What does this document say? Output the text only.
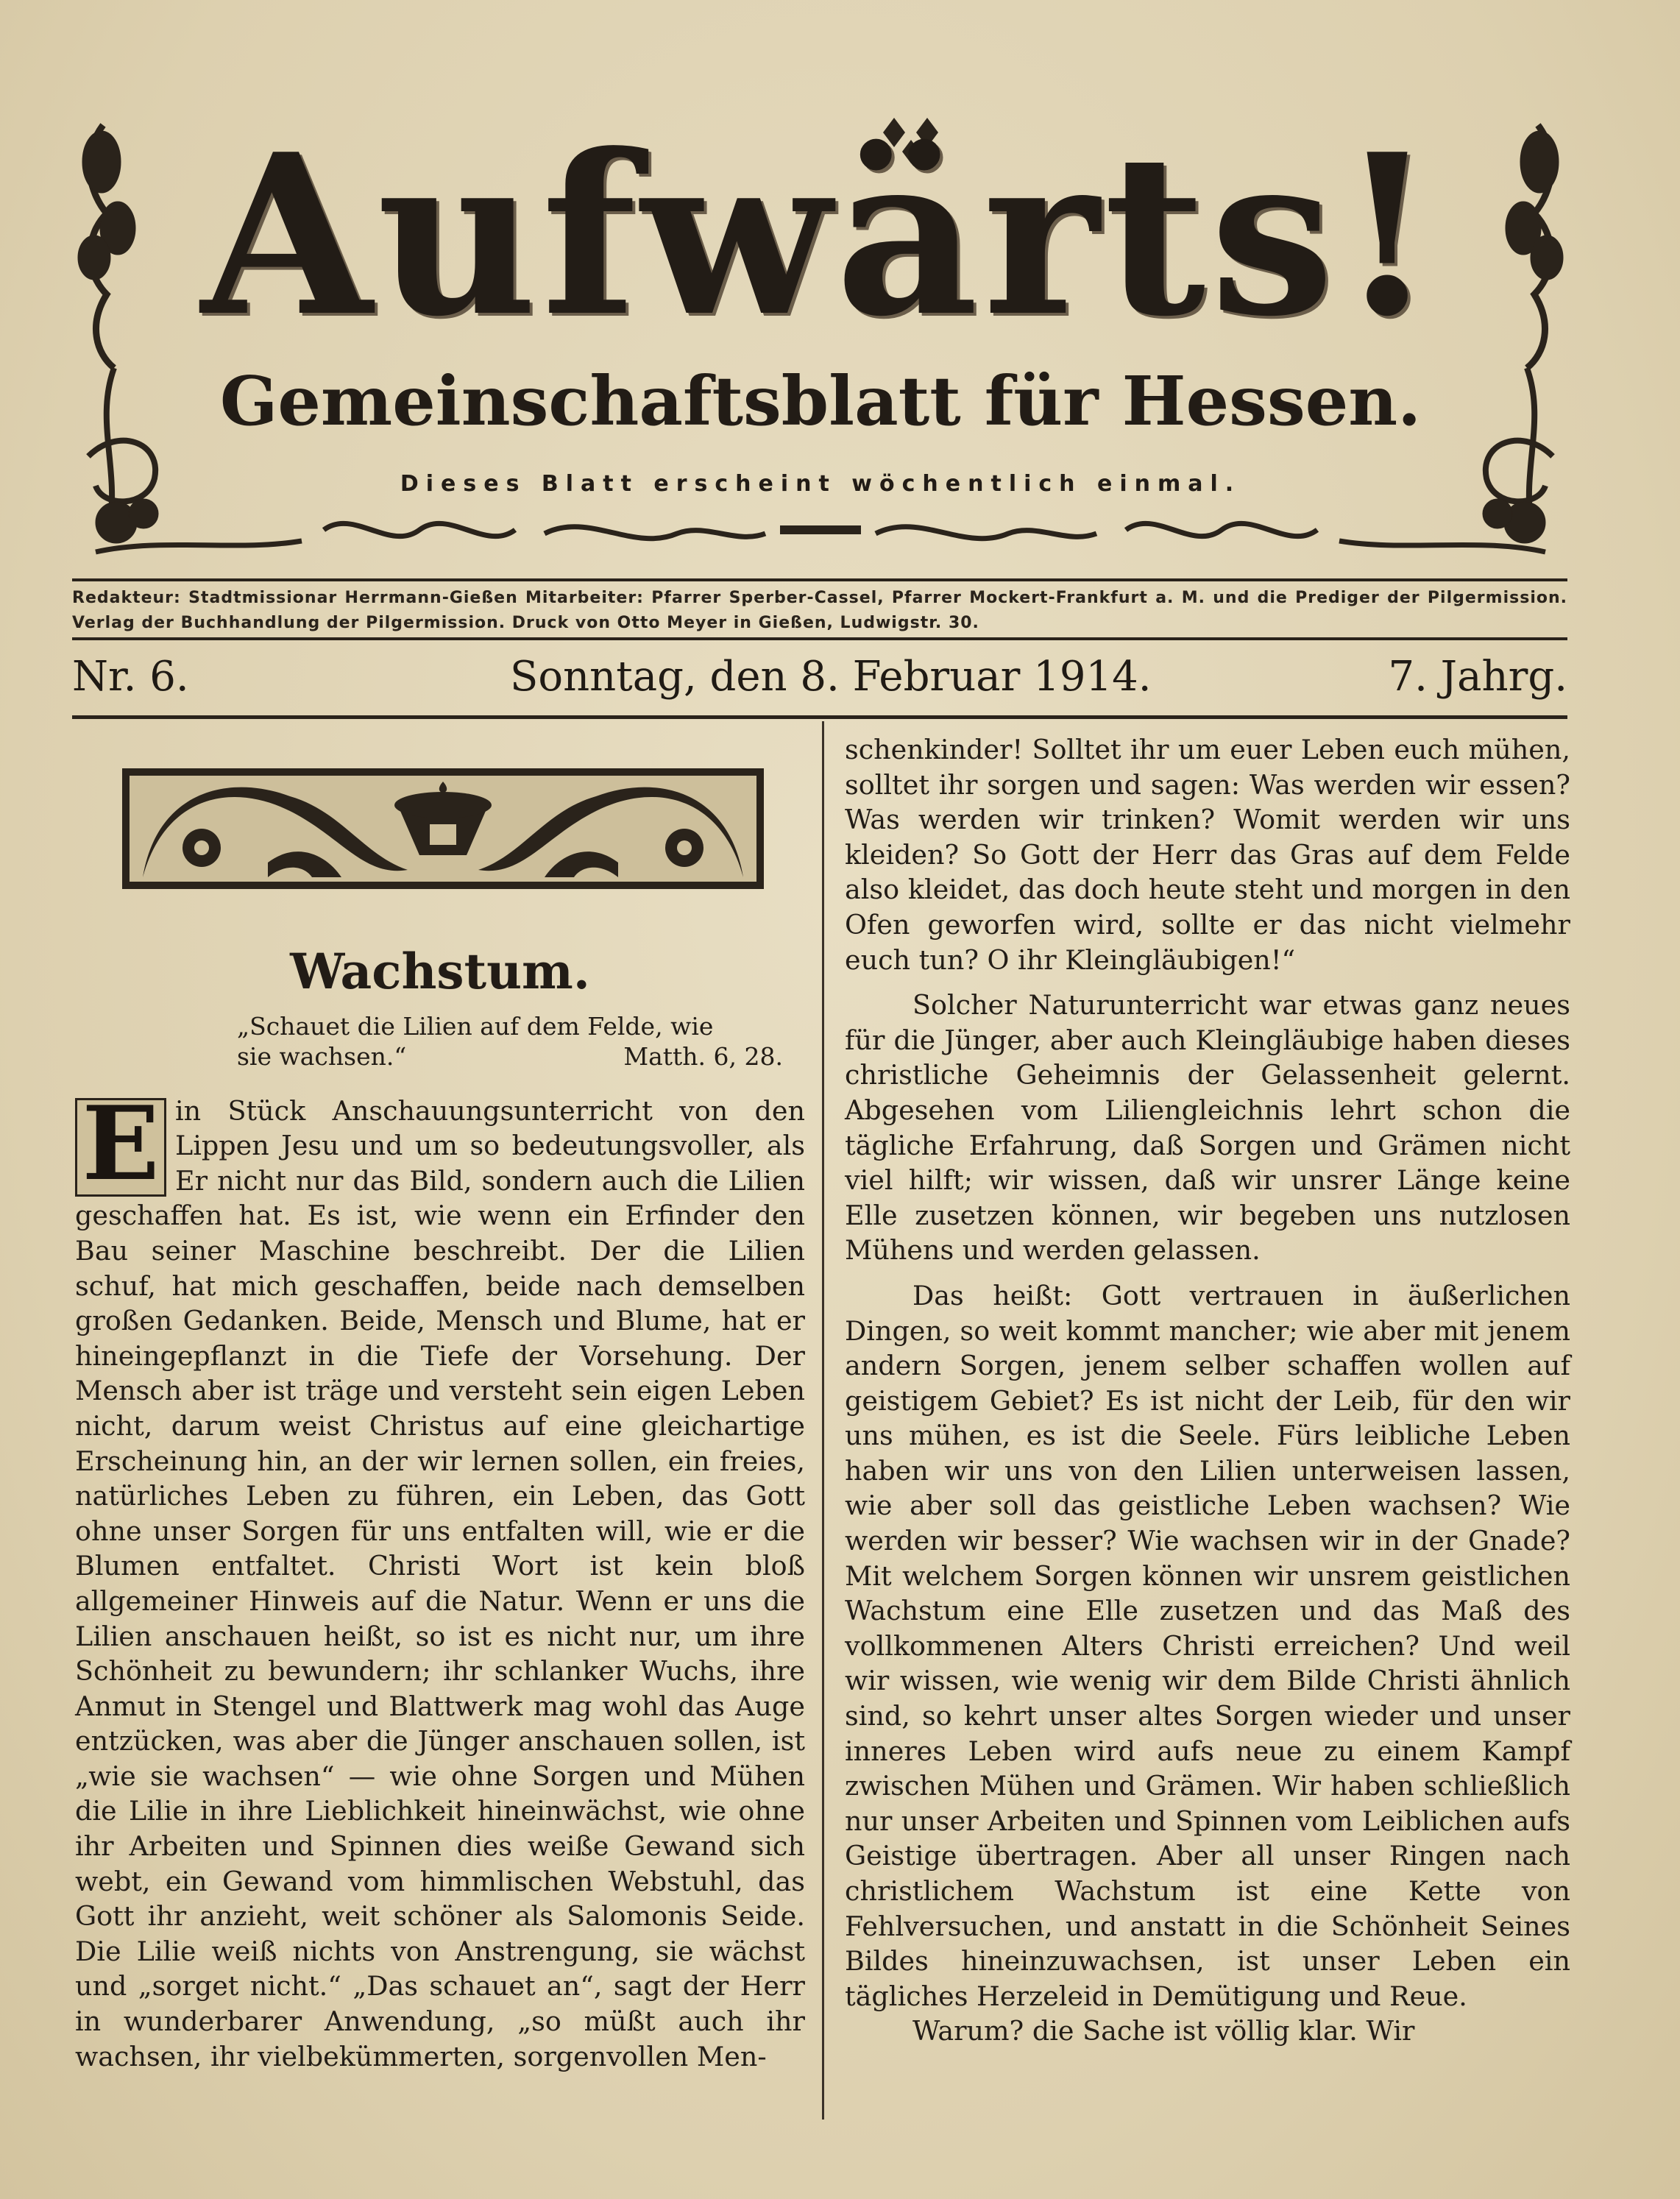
Aufwärts!
Gemeinschaftsblatt für Hessen.
Dieses Blatt erscheint wöchentlich einmal.

Redakteur: Stadtmissionar Herrmann-Gießen Mitarbeiter: Pfarrer Sperber-Cassel, Pfarrer Mockert-Frankfurt a. M. und die Prediger der Pilgermission. Verlag der Buchhandlung der Pilgermission. Druck von Otto Meyer in Gießen, Ludwigstr. 30.

Nr. 6.	Sonntag, den 8. Februar 1914.	7. Jahrg.
Wachstum.
„Schauet die Lilien auf dem Felde, wie
sie wachsen.“	Matth. 6, 28.

E in Stück Anschauungsunterricht von den Lippen Jesu und um so bedeutungsvoller, als Er nicht nur das Bild, sondern auch die Lilien geschaffen hat. Es ist, wie wenn ein Erfinder den Bau seiner Maschine beschreibt. Der die Lilien schuf, hat mich geschaffen, beide nach demselben großen Gedanken. Beide, Mensch und Blume, hat er hineingepflanzt in die Tiefe der Vorsehung. Der Mensch aber ist träge und versteht sein eigen Leben nicht, darum weist Christus auf eine gleichartige Erscheinung hin, an der wir lernen sollen, ein freies, natürliches Leben zu führen, ein Leben, das Gott ohne unser Sorgen für uns entfalten will, wie er die Blumen entfaltet. Christi Wort ist kein bloß allgemeiner Hinweis auf die Natur. Wenn er uns die Lilien anschauen heißt, so ist es nicht nur, um ihre Schönheit zu bewundern; ihr schlanker Wuchs, ihre Anmut in Stengel und Blattwerk mag wohl das Auge entzücken, was aber die Jünger anschauen sollen, ist „wie sie wachsen“ — wie ohne Sorgen und Mühen die Lilie in ihre Lieblichkeit hineinwächst, wie ohne ihr Arbeiten und Spinnen dies weiße Gewand sich webt, ein Gewand vom himmlischen Webstuhl, das Gott ihr anzieht, weit schöner als Salomonis Seide. Die Lilie weiß nichts von Anstrengung, sie wächst und „sorget nicht.“ „Das schauet an“, sagt der Herr in wunderbarer Anwendung, „so müßt auch ihr wachsen, ihr vielbekümmerten, sorgenvollen Men-

schenkinder! Solltet ihr um euer Leben euch mühen, solltet ihr sorgen und sagen: Was werden wir essen? Was werden wir trinken? Womit werden wir uns kleiden? So Gott der Herr das Gras auf dem Felde also kleidet, das doch heute steht und morgen in den Ofen geworfen wird, sollte er das nicht vielmehr euch tun? O ihr Kleingläubigen!“

Solcher Naturunterricht war etwas ganz neues für die Jünger, aber auch Kleingläubige haben dieses christliche Geheimnis der Gelassenheit gelernt. Abgesehen vom Liliengleichnis lehrt schon die tägliche Erfahrung, daß Sorgen und Grämen nicht viel hilft; wir wissen, daß wir unsrer Länge keine Elle zusetzen können, wir begeben uns nutzlosen Mühens und werden gelassen.

Das heißt: Gott vertrauen in äußerlichen Dingen, so weit kommt mancher; wie aber mit jenem andern Sorgen, jenem selber schaffen wollen auf geistigem Gebiet? Es ist nicht der Leib, für den wir uns mühen, es ist die Seele. Fürs leibliche Leben haben wir uns von den Lilien unterweisen lassen, wie aber soll das geistliche Leben wachsen? Wie werden wir besser? Wie wachsen wir in der Gnade? Mit welchem Sorgen können wir unsrem geistlichen Wachstum eine Elle zusetzen und das Maß des vollkommenen Alters Christi erreichen? Und weil wir wissen, wie wenig wir dem Bilde Christi ähnlich sind, so kehrt unser altes Sorgen wieder und unser inneres Leben wird aufs neue zu einem Kampf zwischen Mühen und Grämen. Wir haben schließlich nur unser Arbeiten und Spinnen vom Leiblichen aufs Geistige übertragen. Aber all unser Ringen nach christlichem Wachstum ist eine Kette von Fehlversuchen, und anstatt in die Schönheit Seines Bildes hineinzuwachsen, ist unser Leben ein tägliches Herzeleid in Demütigung und Reue.

Warum? die Sache ist völlig klar. Wir
